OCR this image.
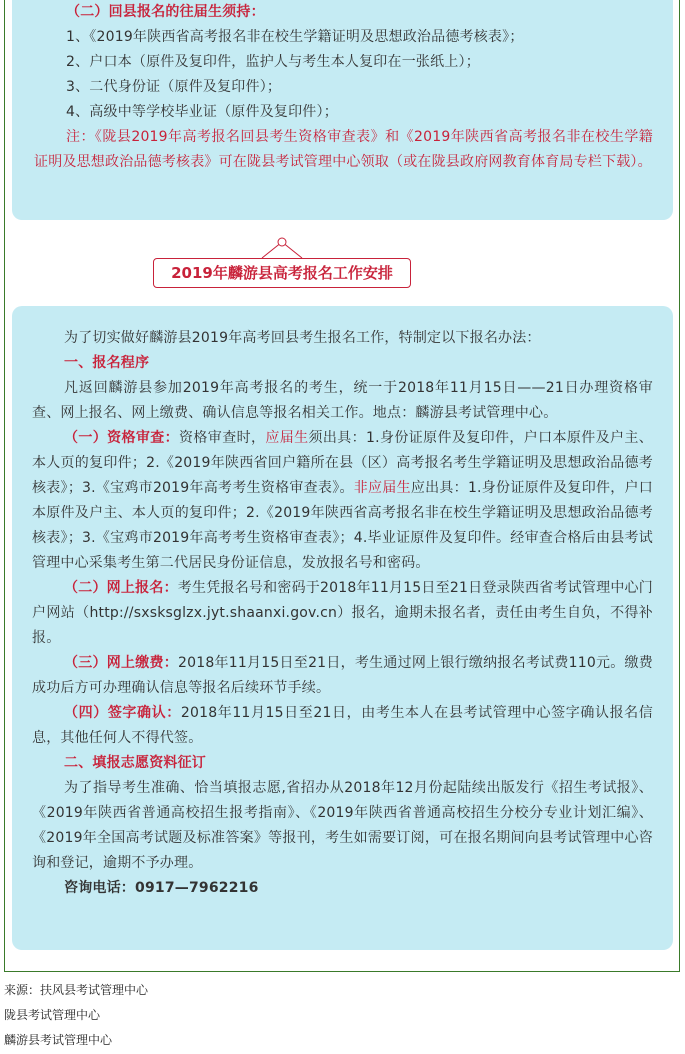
（二）回县报名的往届生须持：

1、《2019年陕西省高考报名非在校生学籍证明及思想政治品德考核表》；

2、户口本（原件及复印件，监护人与考生本人复印在一张纸上）；

3、二代身份证（原件及复印件）；

4、高级中等学校毕业证（原件及复印件）；

注：《陇县2019年高考报名回县考生资格审查表》和《2019年陕西省高考报名非在校生学籍证明及思想政治品德考核表》可在陇县考试管理中心领取（或在陇县政府网教育体育局专栏下载）。

2019年麟游县高考报名工作安排

为了切实做好麟游县2019年高考回县考生报名工作，特制定以下报名办法：

一、报名程序

凡返回麟游县参加2019年高考报名的考生，统一于2018年11月15日——21日办理资格审查、网上报名、网上缴费、确认信息等报名相关工作。地点：麟游县考试管理中心。

（一）资格审查：资格审查时，应届生须出具：1.身份证原件及复印件，户口本原件及户主、本人页的复印件；2.《2019年陕西省回户籍所在县（区）高考报名考生学籍证明及思想政治品德考核表》；3.《宝鸡市2019年高考考生资格审查表》。非应届生应出具：1.身份证原件及复印件，户口本原件及户主、本人页的复印件；2.《2019年陕西省高考报名非在校生学籍证明及思想政治品德考核表》；3.《宝鸡市2019年高考考生资格审查表》；4.毕业证原件及复印件。经审查合格后由县考试管理中心采集考生第二代居民身份证信息，发放报名号和密码。

（二）网上报名：考生凭报名号和密码于2018年11月15日至21日登录陕西省考试管理中心门户网站（http://sxsksglzx.jyt.shaanxi.gov.cn）报名，逾期未报名者，责任由考生自负，不得补报。

（三）网上缴费：2018年11月15日至21日，考生通过网上银行缴纳报名考试费110元。缴费成功后方可办理确认信息等报名后续环节手续。

（四）签字确认：2018年11月15日至21日，由考生本人在县考试管理中心签字确认报名信息，其他任何人不得代签。

二、填报志愿资料征订

为了指导考生准确、恰当填报志愿,省招办从2018年12月份起陆续出版发行《招生考试报》、《2019年陕西省普通高校招生报考指南》、《2019年陕西省普通高校招生分校分专业计划汇编》、《2019年全国高考试题及标准答案》等报刊，考生如需要订阅，可在报名期间向县考试管理中心咨询和登记，逾期不予办理。

咨询电话：0917—7962216

来源：扶风县考试管理中心
陇县考试管理中心
麟游县考试管理中心
